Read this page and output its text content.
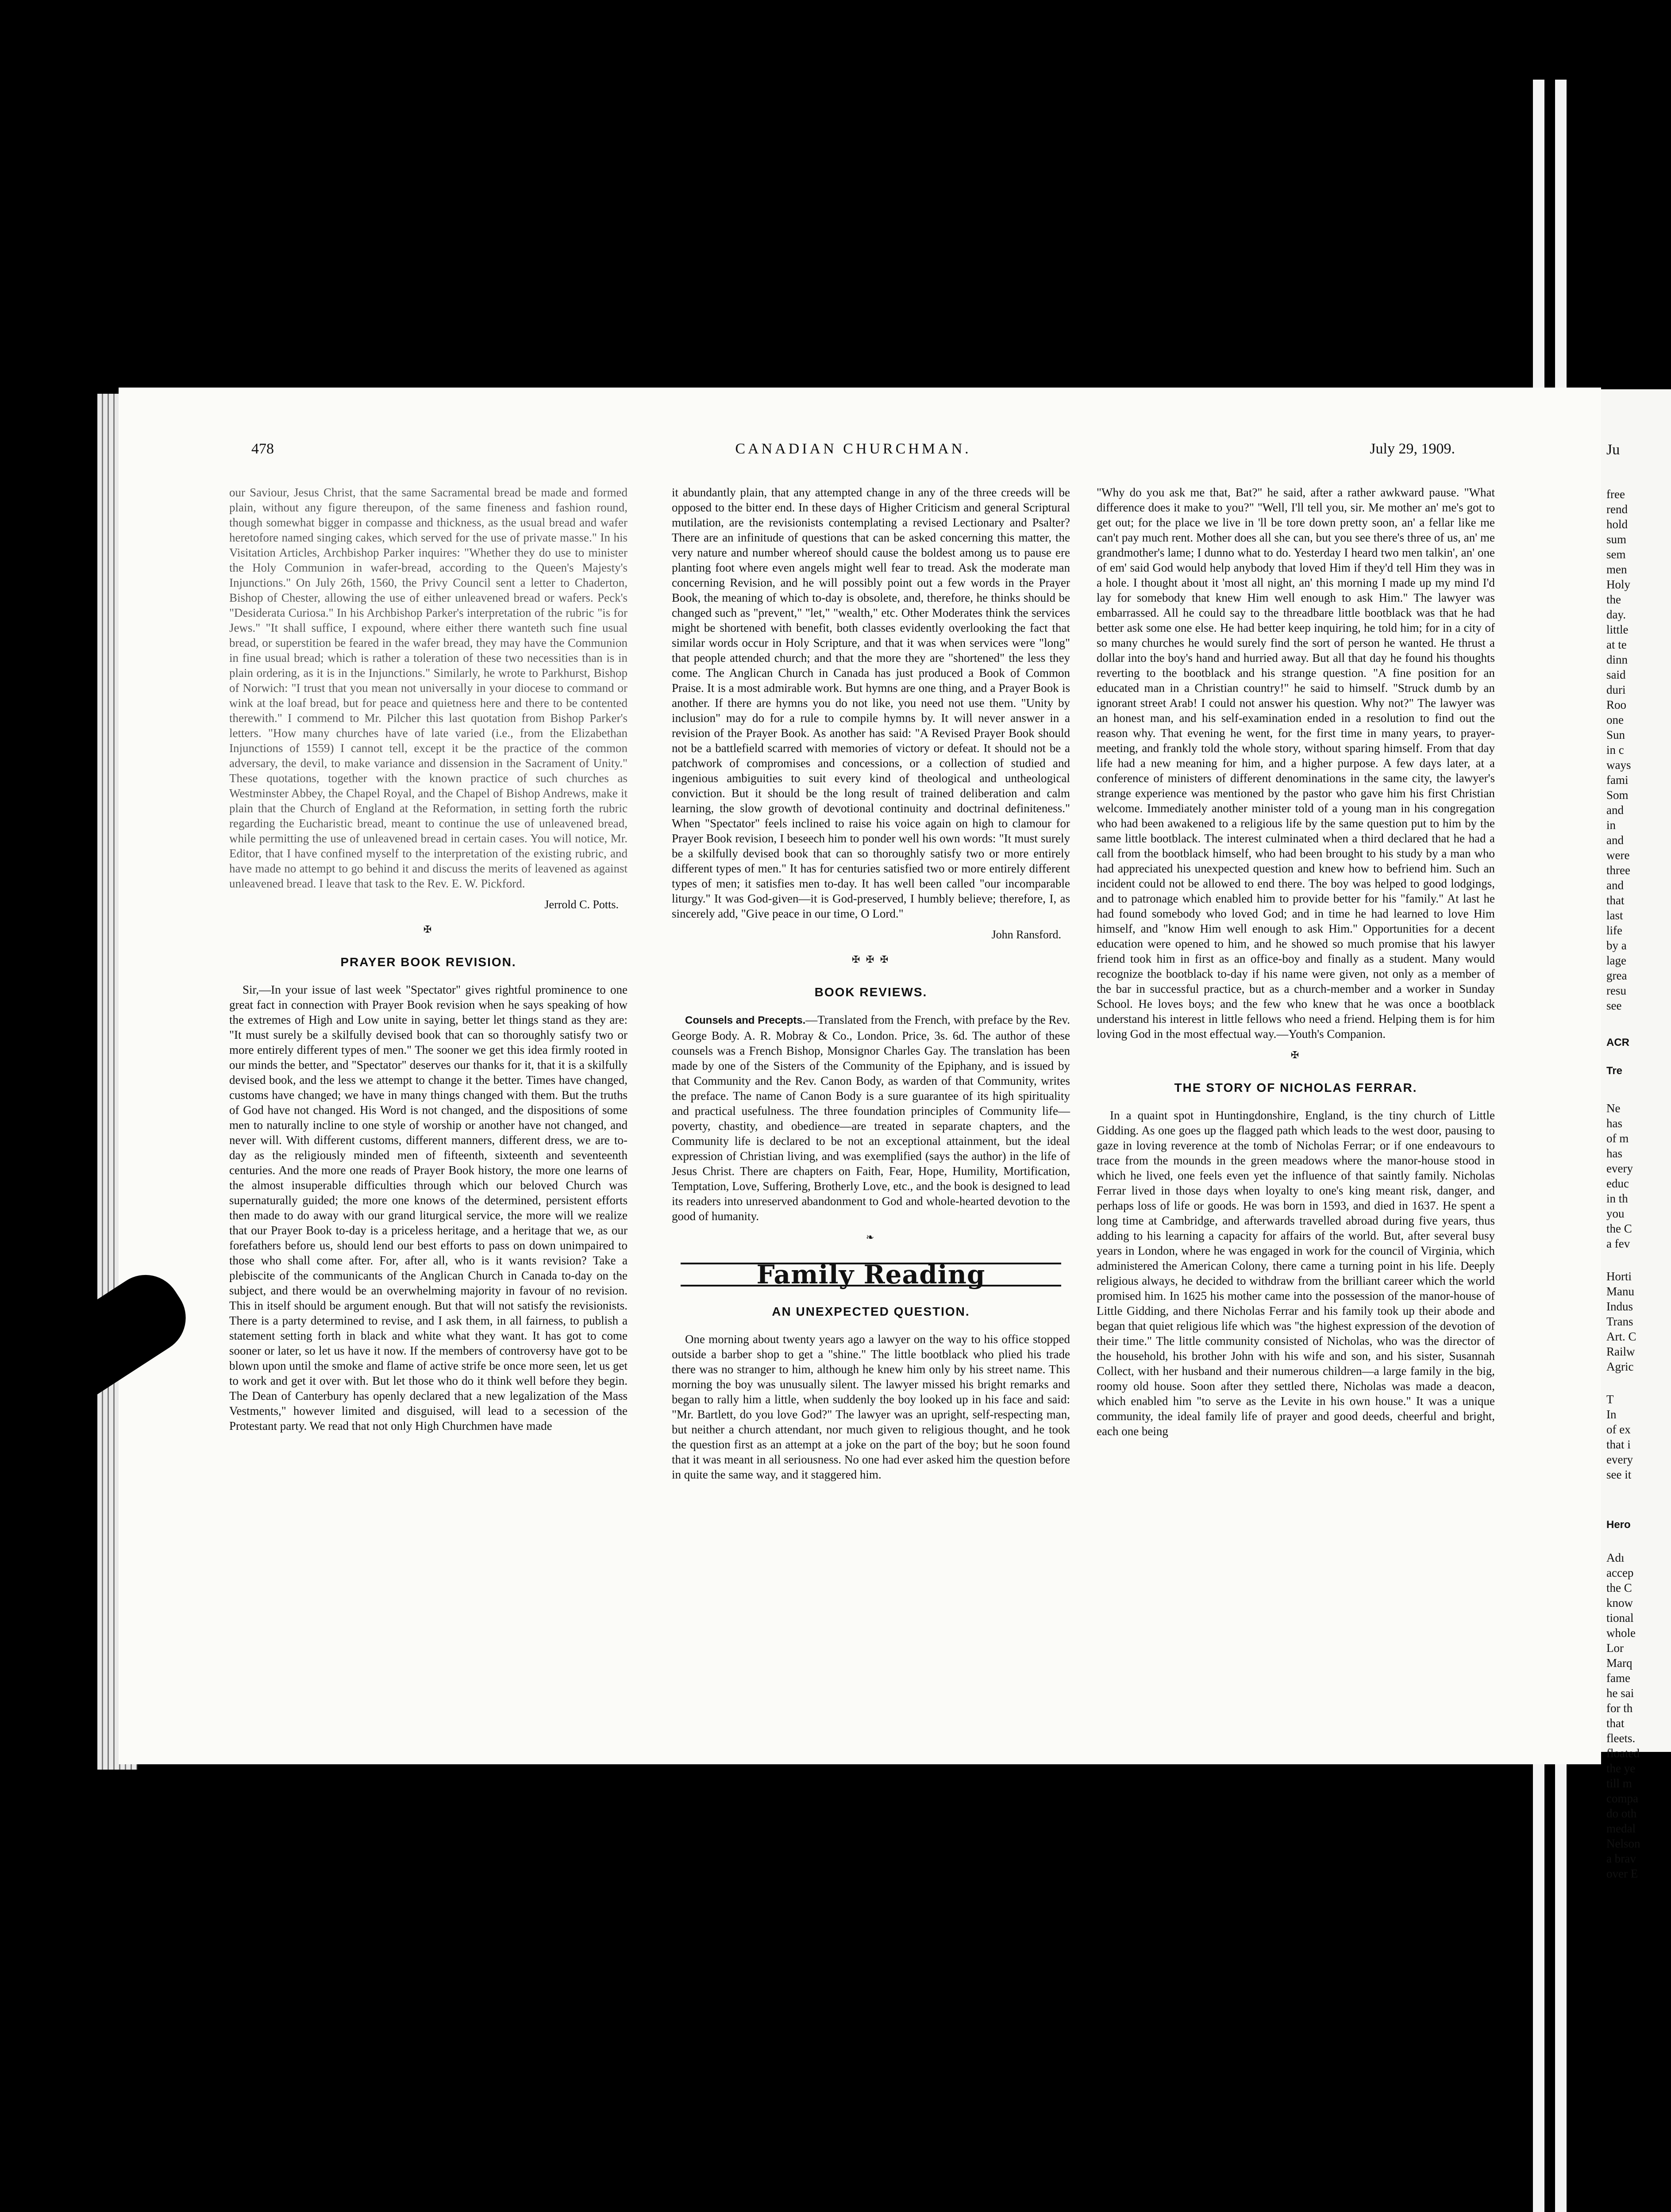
478	CANADIAN CHURCHMAN.	July 29, 1909.

our Saviour, Jesus Christ, that the same Sacramental bread be made and formed plain, without any figure thereupon, of the same fineness and fashion round, though somewhat bigger in compasse and thickness, as the usual bread and wafer heretofore named singing cakes, which served for the use of private masse." In his Visitation Articles, Archbishop Parker inquires: "Whether they do use to minister the Holy Communion in wafer-bread, according to the Queen's Majesty's Injunctions." On July 26th, 1560, the Privy Council sent a letter to Chaderton, Bishop of Chester, allowing the use of either unleavened bread or wafers. Peck's "Desiderata Curiosa." In his Archbishop Parker's interpretation of the rubric "is for Jews." "It shall suffice, I expound, where either there wanteth such fine usual bread, or superstition be feared in the wafer bread, they may have the Communion in fine usual bread; which is rather a toleration of these two necessities than is in plain ordering, as it is in the Injunctions." Similarly, he wrote to Parkhurst, Bishop of Norwich: "I trust that you mean not universally in your diocese to command or wink at the loaf bread, but for peace and quietness here and there to be contented therewith." I commend to Mr. Pilcher this last quotation from Bishop Parker's letters. "How many churches have of late varied (i.e., from the Elizabethan Injunctions of 1559) I cannot tell, except it be the practice of the common adversary, the devil, to make variance and dissension in the Sacrament of Unity." These quotations, together with the known practice of such churches as Westminster Abbey, the Chapel Royal, and the Chapel of Bishop Andrews, make it plain that the Church of England at the Reformation, in setting forth the rubric regarding the Eucharistic bread, meant to continue the use of unleavened bread, while permitting the use of unleavened bread in certain cases. You will notice, Mr. Editor, that I have confined myself to the interpretation of the existing rubric, and have made no attempt to go behind it and discuss the merits of leavened as against unleavened bread. I leave that task to the Rev. E. W. Pickford.

Jerrold C. Potts.
✠
PRAYER BOOK REVISION.

Sir,—In your issue of last week "Spectator" gives rightful prominence to one great fact in connection with Prayer Book revision when he says speaking of how the extremes of High and Low unite in saying, better let things stand as they are: "It must surely be a skilfully devised book that can so thoroughly satisfy two or more entirely different types of men." The sooner we get this idea firmly rooted in our minds the better, and "Spectator" deserves our thanks for it, that it is a skilfully devised book, and the less we attempt to change it the better. Times have changed, customs have changed; we have in many things changed with them. But the truths of God have not changed. His Word is not changed, and the dispositions of some men to naturally incline to one style of worship or another have not changed, and never will. With different customs, different manners, different dress, we are to-day as the religiously minded men of fifteenth, sixteenth and seventeenth centuries. And the more one reads of Prayer Book history, the more one learns of the almost insuperable difficulties through which our beloved Church was supernaturally guided; the more one knows of the determined, persistent efforts then made to do away with our grand liturgical service, the more will we realize that our Prayer Book to-day is a priceless heritage, and a heritage that we, as our forefathers before us, should lend our best efforts to pass on down unimpaired to those who shall come after. For, after all, who is it wants revision? Take a plebiscite of the communicants of the Anglican Church in Canada to-day on the subject, and there would be an overwhelming majority in favour of no revision. This in itself should be argument enough. But that will not satisfy the revisionists. There is a party determined to revise, and I ask them, in all fairness, to publish a statement setting forth in black and white what they want. It has got to come sooner or later, so let us have it now. If the members of controversy have got to be blown upon until the smoke and flame of active strife be once more seen, let us get to work and get it over with. But let those who do it think well before they begin. The Dean of Canterbury has openly declared that a new legalization of the Mass Vestments," however limited and disguised, will lead to a secession of the Protestant party. We read that not only High Churchmen have made

it abundantly plain, that any attempted change in any of the three creeds will be opposed to the bitter end. In these days of Higher Criticism and general Scriptural mutilation, are the revisionists contemplating a revised Lectionary and Psalter? There are an infinitude of questions that can be asked concerning this matter, the very nature and number whereof should cause the boldest among us to pause ere planting foot where even angels might well fear to tread. Ask the moderate man concerning Revision, and he will possibly point out a few words in the Prayer Book, the meaning of which to-day is obsolete, and, therefore, he thinks should be changed such as "prevent," "let," "wealth," etc. Other Moderates think the services might be shortened with benefit, both classes evidently overlooking the fact that similar words occur in Holy Scripture, and that it was when services were "long" that people attended church; and that the more they are "shortened" the less they come. The Anglican Church in Canada has just produced a Book of Common Praise. It is a most admirable work. But hymns are one thing, and a Prayer Book is another. If there are hymns you do not like, you need not use them. "Unity by inclusion" may do for a rule to compile hymns by. It will never answer in a revision of the Prayer Book. As another has said: "A Revised Prayer Book should not be a battlefield scarred with memories of victory or defeat. It should not be a patchwork of compromises and concessions, or a collection of studied and ingenious ambiguities to suit every kind of theological and untheological conviction. But it should be the long result of trained deliberation and calm learning, the slow growth of devotional continuity and doctrinal definiteness." When "Spectator" feels inclined to raise his voice again on high to clamour for Prayer Book revision, I beseech him to ponder well his own words: "It must surely be a skilfully devised book that can so thoroughly satisfy two or more entirely different types of men." It has for centuries satisfied two or more entirely different types of men; it satisfies men to-day. It has well been called "our incomparable liturgy." It was God-given—it is God-preserved, I humbly believe; therefore, I, as sincerely add, "Give peace in our time, O Lord."

John Ransford.
✠ ✠ ✠
BOOK REVIEWS.

Counsels and Precepts.—Translated from the French, with preface by the Rev. George Body. A. R. Mobray & Co., London. Price, 3s. 6d. The author of these counsels was a French Bishop, Monsignor Charles Gay. The translation has been made by one of the Sisters of the Community of the Epiphany, and is issued by that Community and the Rev. Canon Body, as warden of that Community, writes the preface. The name of Canon Body is a sure guarantee of its high spirituality and practical usefulness. The three foundation principles of Community life—poverty, chastity, and obedience—are treated in separate chapters, and the Community life is declared to be not an exceptional attainment, but the ideal expression of Christian living, and was exemplified (says the author) in the life of Jesus Christ. There are chapters on Faith, Fear, Hope, Humility, Mortification, Temptation, Love, Suffering, Brotherly Love, etc., and the book is designed to lead its readers into unreserved abandonment to God and whole-hearted devotion to the good of humanity.

❧
Family Reading
AN UNEXPECTED QUESTION.

One morning about twenty years ago a lawyer on the way to his office stopped outside a barber shop to get a "shine." The little bootblack who plied his trade there was no stranger to him, although he knew him only by his street name. This morning the boy was unusually silent. The lawyer missed his bright remarks and began to rally him a little, when suddenly the boy looked up in his face and said: "Mr. Bartlett, do you love God?" The lawyer was an upright, self-respecting man, but neither a church attendant, nor much given to religious thought, and he took the question first as an attempt at a joke on the part of the boy; but he soon found that it was meant in all seriousness. No one had ever asked him the question before in quite the same way, and it staggered him.

"Why do you ask me that, Bat?" he said, after a rather awkward pause. "What difference does it make to you?" "Well, I'll tell you, sir. Me mother an' me's got to get out; for the place we live in 'll be tore down pretty soon, an' a fellar like me can't pay much rent. Mother does all she can, but you see there's three of us, an' me grandmother's lame; I dunno what to do. Yesterday I heard two men talkin', an' one of em' said God would help anybody that loved Him if they'd tell Him they was in a hole. I thought about it 'most all night, an' this morning I made up my mind I'd lay for somebody that knew Him well enough to ask Him." The lawyer was embarrassed. All he could say to the threadbare little bootblack was that he had better ask some one else. He had better keep inquiring, he told him; for in a city of so many churches he would surely find the sort of person he wanted. He thrust a dollar into the boy's hand and hurried away. But all that day he found his thoughts reverting to the bootblack and his strange question. "A fine position for an educated man in a Christian country!" he said to himself. "Struck dumb by an ignorant street Arab! I could not answer his question. Why not?" The lawyer was an honest man, and his self-examination ended in a resolution to find out the reason why. That evening he went, for the first time in many years, to prayer-meeting, and frankly told the whole story, without sparing himself. From that day life had a new meaning for him, and a higher purpose. A few days later, at a conference of ministers of different denominations in the same city, the lawyer's strange experience was mentioned by the pastor who gave him his first Christian welcome. Immediately another minister told of a young man in his congregation who had been awakened to a religious life by the same question put to him by the same little bootblack. The interest culminated when a third declared that he had a call from the bootblack himself, who had been brought to his study by a man who had appreciated his unexpected question and knew how to befriend him. Such an incident could not be allowed to end there. The boy was helped to good lodgings, and to patronage which enabled him to provide better for his "family." At last he had found somebody who loved God; and in time he had learned to love Him himself, and "know Him well enough to ask Him." Opportunities for a decent education were opened to him, and he showed so much promise that his lawyer friend took him in first as an office-boy and finally as a student. Many would recognize the bootblack to-day if his name were given, not only as a member of the bar in successful practice, but as a church-member and a worker in Sunday School. He loves boys; and the few who knew that he was once a bootblack understand his interest in little fellows who need a friend. Helping them is for him loving God in the most effectual way.—Youth's Companion.

✠
THE STORY OF NICHOLAS FERRAR.

In a quaint spot in Huntingdonshire, England, is the tiny church of Little Gidding. As one goes up the flagged path which leads to the west door, pausing to gaze in loving reverence at the tomb of Nicholas Ferrar; or if one endeavours to trace from the mounds in the green meadows where the manor-house stood in which he lived, one feels even yet the influence of that saintly family. Nicholas Ferrar lived in those days when loyalty to one's king meant risk, danger, and perhaps loss of life or goods. He was born in 1593, and died in 1637. He spent a long time at Cambridge, and afterwards travelled abroad during five years, thus adding to his learning a capacity for affairs of the world. But, after several busy years in London, where he was engaged in work for the council of Virginia, which administered the American Colony, there came a turning point in his life. Deeply religious always, he decided to withdraw from the brilliant career which the world promised him. In 1625 his mother came into the possession of the manor-house of Little Gidding, and there Nicholas Ferrar and his family took up their abode and began that quiet religious life which was "the highest expression of the devotion of their time." The little community consisted of Nicholas, who was the director of the household, his brother John with his wife and son, and his sister, Susannah Collect, with her husband and their numerous children—a large family in the big, roomy old house. Soon after they settled there, Nicholas was made a deacon, which enabled him "to serve as the Levite in his own house." It was a unique community, the ideal family life of prayer and good deeds, cheerful and bright, each one being

Ju
free
rend
hold
sum
sem
men
Holy
the
day.
little
at te
dinn
said
duri
Roo
one
Sun
in c
ways
fami
Som
and
in
and
were
three
and
that
last
life
by a
lage
grea
resu
see
ACR
Tre
Ne
has
of m
has
every
educ
in th
you
the C
a fev
Horti
Manu
Indus
Trans
Art. C
Railw
Agric
T
In
of ex
that i
every
see it
Hero
Adı
accep
the C
know
tional
whole
Lor
Marq
fame
he sai
for th
that
fleets.
floated
the ye
till m
compa
do oth
medal
Nelson
a brav
over E
